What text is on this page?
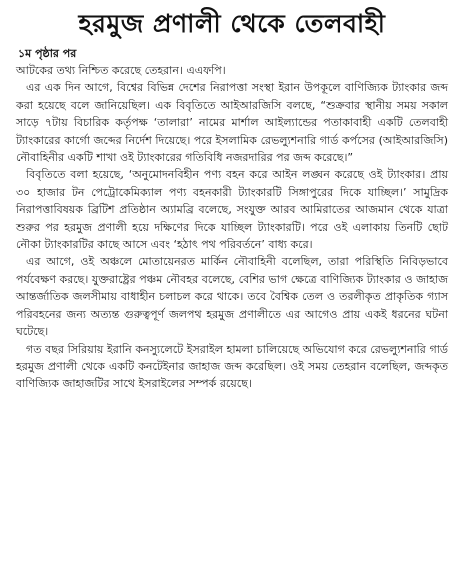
হরমুজ প্রণালী থেকে তেলবাহী
১ম পৃষ্ঠার পর

আটকের তথ্য নিশ্চিত করেছে তেহরান। এএফপি।

এর এক দিন আগে, বিশ্বের বিভিন্ন দেশের নিরাপত্তা সংস্থা ইরান উপকূলে বাণিজ্যিক ট্যাংকার জব্দ করা হয়েছে বলে জানিয়েছিল। এক বিবৃতিতে আইআরজিসি বলছে, “শুক্রবার স্থানীয় সময় সকাল সাড়ে ৭টায় বিচারিক কর্তৃপক্ষ ‘তালারা’ নামের মার্শাল আইল্যান্ডের পতাকাবাহী একটি তেলবাহী ট্যাংকারের কার্গো জব্দের নির্দেশ দিয়েছে। পরে ইসলামিক রেভল্যুশনারি গার্ড কর্পসের (আইআরজিসি) নৌবাহিনীর একটি শাখা ওই ট্যাংকারের গতিবিধি নজরদারির পর জব্দ করেছে।”

বিবৃতিতে বলা হয়েছে, ‘অনুমোদনবিহীন পণ্য বহন করে আইন লঙ্ঘন করেছে ওই ট্যাংকার। প্রায় ৩০ হাজার টন পেট্রোকেমিক্যাল পণ্য বহনকারী ট্যাংকারটি সিঙ্গাপুরের দিকে যাচ্ছিল।’ সামুদ্রিক নিরাপত্তাবিষয়ক ব্রিটিশ প্রতিষ্ঠান অ্যামব্রি বলেছে, সংযুক্ত আরব আমিরাতের আজমান থেকে যাত্রা শুরুর পর হরমুজ প্রণালী হয়ে দক্ষিণের দিকে যাচ্ছিল ট্যাংকারটি। পরে ওই এলাকায় তিনটি ছোট নৌকা ট্যাংকারটির কাছে আসে এবং ‘হঠাৎ পথ পরিবর্তনে’ বাধ্য করে।

এর আগে, ওই অঞ্চলে মোতায়েনরত মার্কিন নৌবাহিনী বলেছিল, তারা পরিস্থিতি নিবিড়ভাবে পর্যবেক্ষণ করছে। যুক্তরাষ্ট্রের পঞ্চম নৌবহর বলেছে, বেশির ভাগ ক্ষেত্রে বাণিজ্যিক ট্যাংকার ও জাহাজ আন্তর্জাতিক জলসীমায় বাধাহীন চলাচল করে থাকে। তবে বৈশ্বিক তেল ও তরলীকৃত প্রাকৃতিক গ্যাস পরিবহনের জন্য অত্যন্ত গুরুত্বপূর্ণ জলপথ হরমুজ প্রণালীতে এর আগেও প্রায় একই ধরনের ঘটনা ঘটেছে।

গত বছর সিরিয়ায় ইরানি কনস্যুলেটে ইসরাইল হামলা চালিয়েছে অভিযোগ করে রেভল্যুশনারি গার্ড হরমুজ প্রণালী থেকে একটি কনটেইনার জাহাজ জব্দ করেছিল। ওই সময় তেহরান বলেছিল, জব্দকৃত বাণিজ্যিক জাহাজটির সাথে ইসরাইলের সম্পর্ক রয়েছে।
